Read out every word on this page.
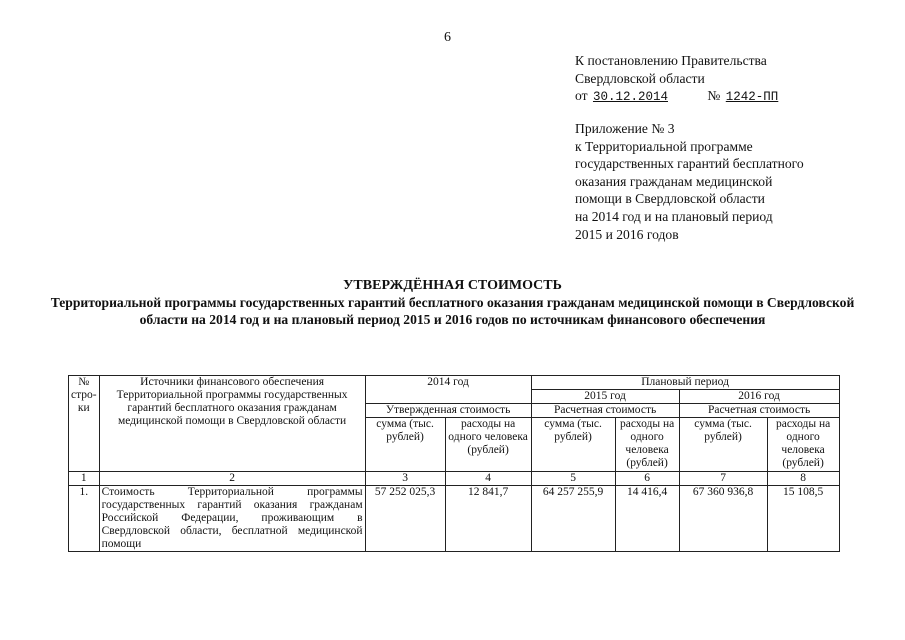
6
К постановлению Правительства
Свердловской области
от 30.12.2014	№ 1242-ПП
Приложение № 3
к Территориальной программе
государственных гарантий бесплатного
оказания гражданам медицинской
помощи в Свердловской области
на 2014 год и на плановый период
2015 и 2016 годов
УТВЕРЖДЁННАЯ СТОИМОСТЬ
Территориальной программы государственных гарантий бесплатного оказания гражданам медицинской помощи в Свердловской области на 2014 год и на плановый период 2015 и 2016 годов по источникам финансового обеспечения
№ стро-ки	Источники финансового обеспечения Территориальной программы государственных гарантий бесплатного оказания гражданам медицинской помощи в Свердловской области	2014 год		Плановый период			
				2015 год		2016 год	
		Утвержденная стоимость		Расчетная стоимость		Расчетная стоимость	
		сумма (тыс. рублей)	расходы на одного человека (рублей)	сумма (тыс. рублей)	расходы на одного человека (рублей)	сумма (тыс. рублей)	расходы на одного человека (рублей)
1	2	3	4	5	6	7	8
1.	Стоимость Территориальной программы государственных гарантий оказания гражданам Российской Федерации, проживающим в Свердловской области, бесплатной медицинской помощи	57 252 025,3	12 841,7	64 257 255,9	14 416,4	67 360 936,8	15 108,5
